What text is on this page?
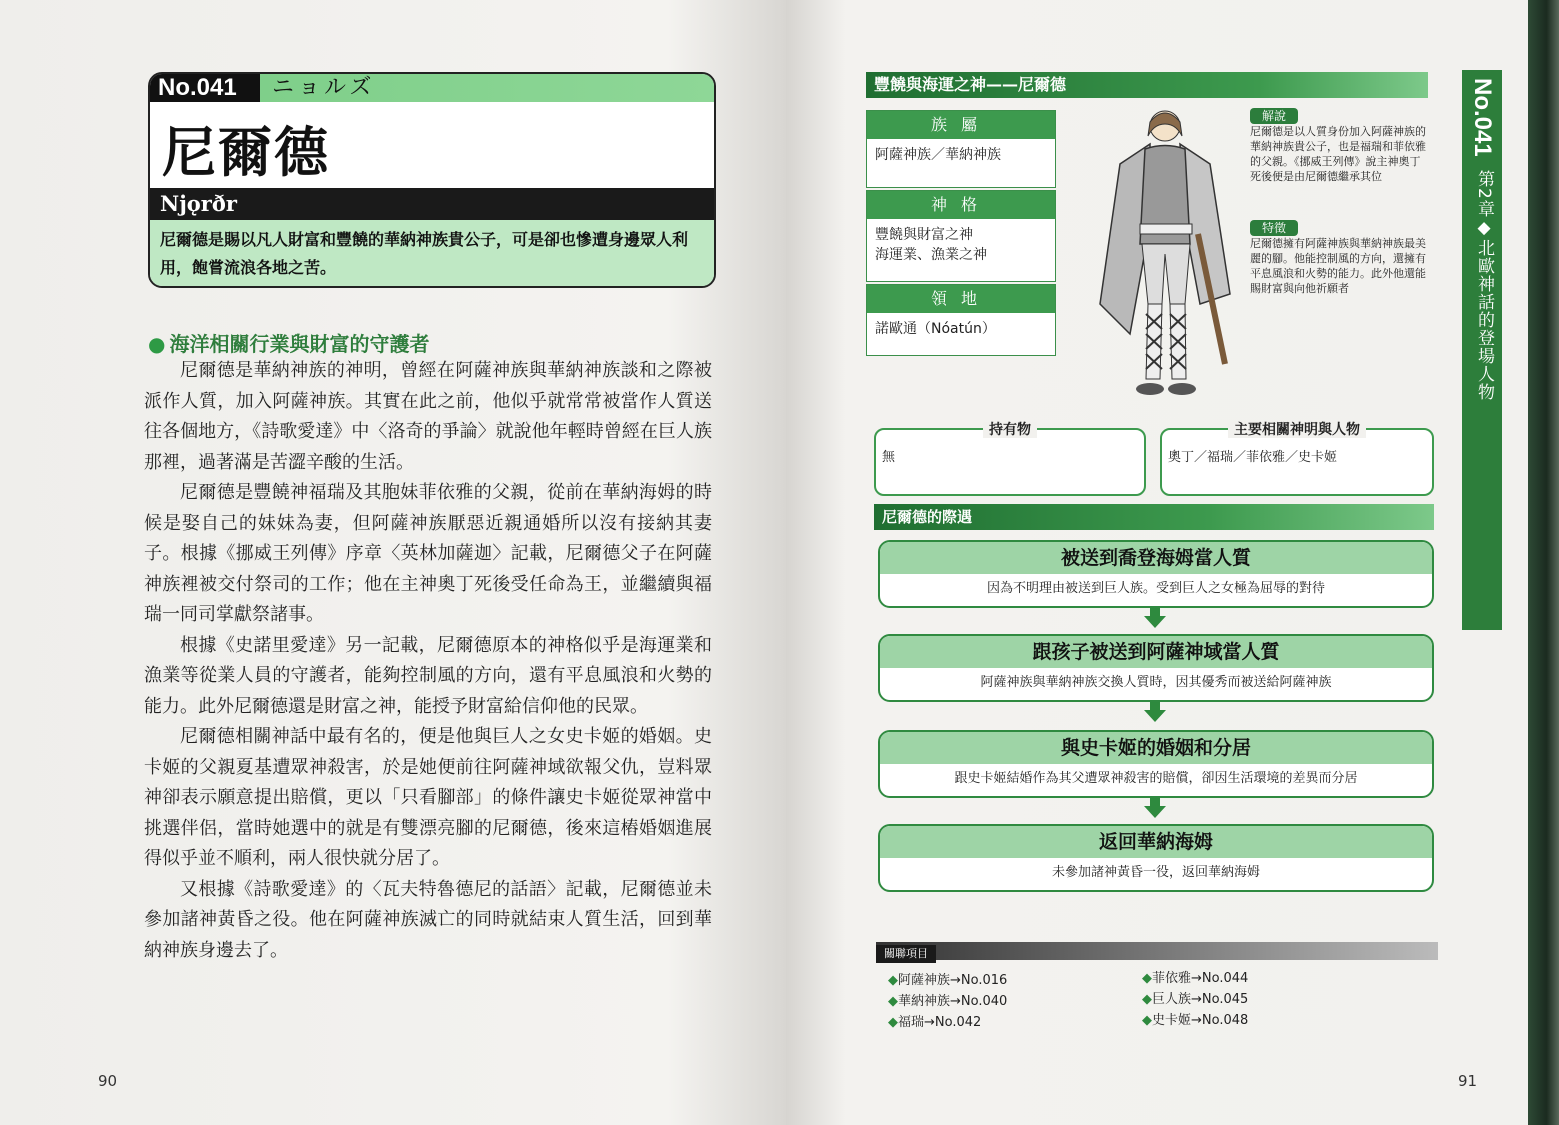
No.041 ニョルズ
尼爾德
Njǫrðr
尼爾德是賜以凡人財富和豐饒的華納神族貴公子，可是卻也慘遭身邊眾人利用，飽嘗流浪各地之苦。
● 海洋相關行業與財富的守護者

尼爾德是華納神族的神明，曾經在阿薩神族與華納神族談和之際被派作人質，加入阿薩神族。其實在此之前，他似乎就常常被當作人質送往各個地方，《詩歌愛達》中〈洛奇的爭論〉就說他年輕時曾經在巨人族那裡，過著滿是苦澀辛酸的生活。

尼爾德是豐饒神福瑞及其胞妹菲依雅的父親，從前在華納海姆的時候是娶自己的妹妹為妻，但阿薩神族厭惡近親通婚所以沒有接納其妻子。根據《挪威王列傳》序章〈英林加薩迦〉記載，尼爾德父子在阿薩神族裡被交付祭司的工作；他在主神奧丁死後受任命為王，並繼續與福瑞一同司掌獻祭諸事。

根據《史諾里愛達》另一記載，尼爾德原本的神格似乎是海運業和漁業等從業人員的守護者，能夠控制風的方向，還有平息風浪和火勢的能力。此外尼爾德還是財富之神，能授予財富給信仰他的民眾。

尼爾德相關神話中最有名的，便是他與巨人之女史卡姬的婚姻。史卡姬的父親夏基遭眾神殺害，於是她便前往阿薩神域欲報父仇，豈料眾神卻表示願意提出賠償，更以「只看腳部」的條件讓史卡姬從眾神當中挑選伴侶，當時她選中的就是有雙漂亮腳的尼爾德，後來這樁婚姻進展得似乎並不順利，兩人很快就分居了。

又根據《詩歌愛達》的〈瓦夫特魯德尼的話語〉記載，尼爾德並未參加諸神黃昏之役。他在阿薩神族滅亡的同時就結束人質生活，回到華納神族身邊去了。

90
豐饒與海運之神——尼爾德
族屬
阿薩神族／華納神族
神格
豐饒與財富之神
海運業、漁業之神
領地
諾歐通（Nóatún）
解說
尼爾德是以人質身份加入阿薩神族的華納神族貴公子，也是福瑞和菲依雅的父親。《挪威王列傳》說主神奧丁死後便是由尼爾德繼承其位
特徵
尼爾德擁有阿薩神族與華納神族最美麗的腳。他能控制風的方向，還擁有平息風浪和火勢的能力。此外他還能賜財富與向他祈願者
持有物
無
主要相關神明與人物
奧丁／福瑞／菲依雅／史卡姬
尼爾德的際遇
被送到喬登海姆當人質
因為不明理由被送到巨人族。受到巨人之女極為屈辱的對待
跟孩子被送到阿薩神域當人質
阿薩神族與華納神族交換人質時，因其優秀而被送給阿薩神族
與史卡姬的婚姻和分居
跟史卡姬結婚作為其父遭眾神殺害的賠償，卻因生活環境的差異而分居
返回華納海姆
未參加諸神黃昏一役，返回華納海姆
關聯項目
◆阿薩神族→No.016
◆華納神族→No.040
◆福瑞→No.042
◆菲依雅→No.044
◆巨人族→No.045
◆史卡姬→No.048
No.041
第2章◆北歐神話的登場人物
91
